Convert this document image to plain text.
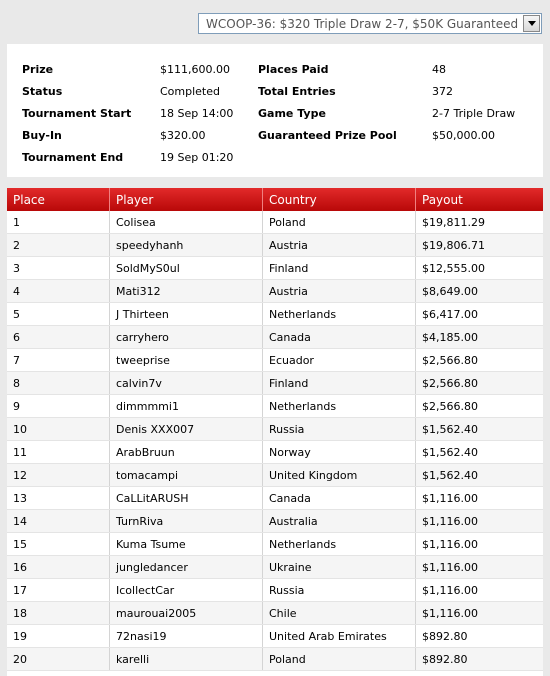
WCOOP-36: $320 Triple Draw 2-7, $50K Guaranteed
Prize	$111,600.00	Places Paid	48
Status	Completed	Total Entries	372
Tournament Start	18 Sep 14:00	Game Type	2-7 Triple Draw
Buy-In	$320.00	Guaranteed Prize Pool	$50,000.00
Tournament End	19 Sep 01:20		
Place	Player	Country	Payout
1	Colisea	Poland	$19,811.29
2	speedyhanh	Austria	$19,806.71
3	SoldMyS0ul	Finland	$12,555.00
4	Mati312	Austria	$8,649.00
5	J Thirteen	Netherlands	$6,417.00
6	carryhero	Canada	$4,185.00
7	tweeprise	Ecuador	$2,566.80
8	calvin7v	Finland	$2,566.80
9	dimmmmi1	Netherlands	$2,566.80
10	Denis XXX007	Russia	$1,562.40
11	ArabBruun	Norway	$1,562.40
12	tomacampi	United Kingdom	$1,562.40
13	CaLLitARUSH	Canada	$1,116.00
14	TurnRiva	Australia	$1,116.00
15	Kuma Tsume	Netherlands	$1,116.00
16	jungledancer	Ukraine	$1,116.00
17	IcollectCar	Russia	$1,116.00
18	maurouai2005	Chile	$1,116.00
19	72nasi19	United Arab Emirates	$892.80
20	karelli	Poland	$892.80
